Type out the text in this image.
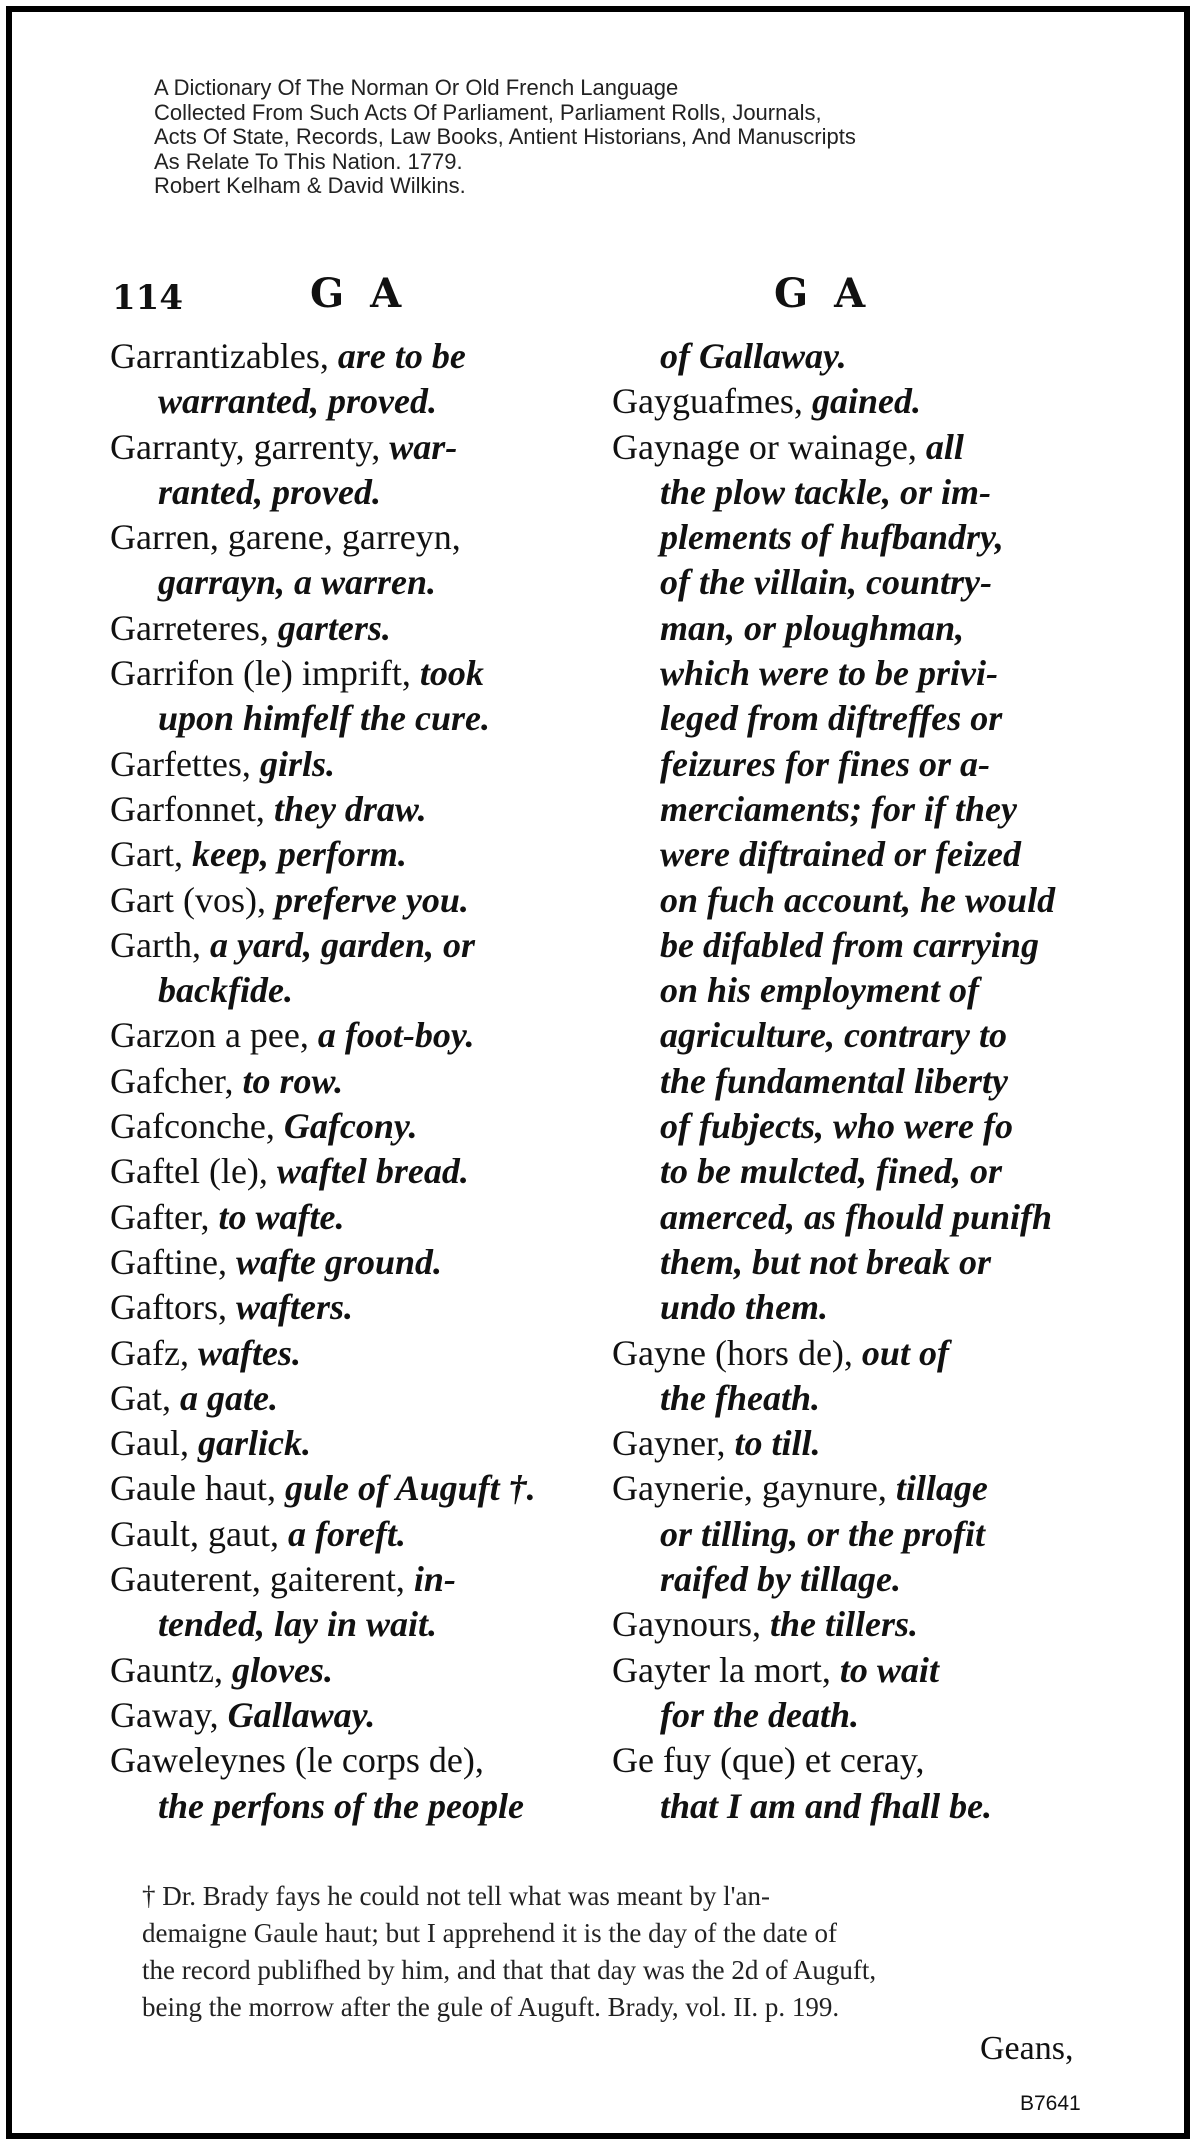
A Dictionary Of The Norman Or Old French Language
Collected From Such Acts Of Parliament, Parliament Rolls, Journals,
Acts Of State, Records, Law Books, Antient Historians, And Manuscripts
As Relate To This Nation. 1779.
Robert Kelham & David Wilkins.
114	G A	G A
Garrantizables, are to be
warranted, proved.
Garranty, garrenty, war-
ranted, proved.
Garren, garene, garreyn,
garrayn, a warren.
Garreteres, garters.
Garrifon (le) imprift, took
upon himfelf the cure.
Garfettes, girls.
Garfonnet, they draw.
Gart, keep, perform.
Gart (vos), preferve you.
Garth, a yard, garden, or
backfide.
Garzon a pee, a foot-boy.
Gafcher, to row.
Gafconche, Gafcony.
Gaftel (le), waftel bread.
Gafter, to wafte.
Gaftine, wafte ground.
Gaftors, wafters.
Gafz, waftes.
Gat, a gate.
Gaul, garlick.
Gaule haut, gule of Auguft †.
Gault, gaut, a foreft.
Gauterent, gaiterent, in-
tended, lay in wait.
Gauntz, gloves.
Gaway, Gallaway.
Gaweleynes (le corps de),
the perfons of the people
of Gallaway.
Gayguafmes, gained.
Gaynage or wainage, all
the plow tackle, or im-
plements of hufbandry,
of the villain, country-
man, or ploughman,
which were to be privi-
leged from diftreffes or
feizures for fines or a-
merciaments; for if they
were diftrained or feized
on fuch account, he would
be difabled from carrying
on his employment of
agriculture, contrary to
the fundamental liberty
of fubjects, who were fo
to be mulcted, fined, or
amerced, as fhould punifh
them, but not break or
undo them.
Gayne (hors de), out of
the fheath.
Gayner, to till.
Gaynerie, gaynure, tillage
or tilling, or the profit
raifed by tillage.
Gaynours, the tillers.
Gayter la mort, to wait
for the death.
Ge fuy (que) et ceray,
that I am and fhall be.
† Dr. Brady fays he could not tell what was meant by l'an-
demaigne Gaule haut; but I apprehend it is the day of the date of
the record publifhed by him, and that that day was the 2d of Auguft,
being the morrow after the gule of Auguft. Brady, vol. II. p. 199.
Geans,
B7641
